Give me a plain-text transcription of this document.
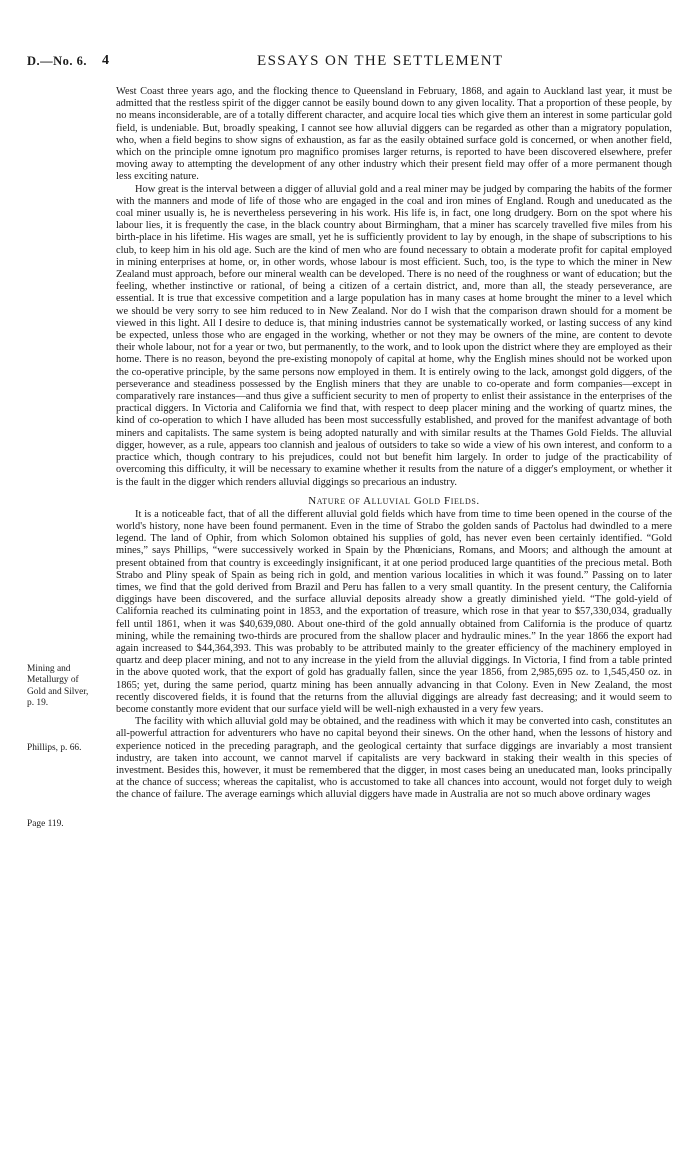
D.—No. 6. 4	ESSAYS ON THE SETTLEMENT
Mining and
Metallurgy of
Gold and Silver,
p. 19.
Phillips, p. 66.
Page 119.

West Coast three years ago, and the flocking thence to Queensland in February, 1868, and again to Auckland last year, it must be admitted that the restless spirit of the digger cannot be easily bound down to any given locality. That a proportion of these people, by no means inconsiderable, are of a totally different character, and acquire local ties which give them an interest in some particular gold field, is undeniable. But, broadly speaking, I cannot see how alluvial diggers can be regarded as other than a migratory population, who, when a field begins to show signs of exhaustion, as far as the easily obtained surface gold is concerned, or when another field, which on the principle omne ignotum pro magnifico promises larger returns, is reported to have been discovered elsewhere, prefer moving away to attempting the development of any other industry which their present field may offer of a more permanent though less exciting nature.

How great is the interval between a digger of alluvial gold and a real miner may be judged by comparing the habits of the former with the manners and mode of life of those who are engaged in the coal and iron mines of England. Rough and uneducated as the coal miner usually is, he is nevertheless persevering in his work. His life is, in fact, one long drudgery. Born on the spot where his labour lies, it is frequently the case, in the black country about Birmingham, that a miner has scarcely travelled five miles from his birth-place in his lifetime. His wages are small, yet he is sufficiently provident to lay by enough, in the shape of subscriptions to his club, to keep him in his old age. Such are the kind of men who are found necessary to obtain a moderate profit for capital employed in mining enterprises at home, or, in other words, whose labour is most efficient. Such, too, is the type to which the miner in New Zealand must approach, before our mineral wealth can be developed. There is no need of the roughness or want of education; but the feeling, whether instinctive or rational, of being a citizen of a certain district, and, more than all, the steady perseverance, are essential. It is true that excessive competition and a large population has in many cases at home brought the miner to a level which we should be very sorry to see him reduced to in New Zealand. Nor do I wish that the comparison drawn should for a moment be viewed in this light. All I desire to deduce is, that mining industries cannot be systematically worked, or lasting success of any kind be expected, unless those who are engaged in the working, whether or not they may be owners of the mine, are content to devote their whole labour, not for a year or two, but permanently, to the work, and to look upon the district where they are employed as their home. There is no reason, beyond the pre-existing monopoly of capital at home, why the English mines should not be worked upon the co-operative principle, by the same persons now employed in them. It is entirely owing to the lack, amongst gold diggers, of the perseverance and steadiness possessed by the English miners that they are unable to co-operate and form companies—except in comparatively rare instances—and thus give a sufficient security to men of property to enlist their assistance in the enterprises of the practical diggers. In Victoria and California we find that, with respect to deep placer mining and the working of quartz mines, the kind of co-operation to which I have alluded has been most successfully established, and proved for the manifest advantage of both miners and capitalists. The same system is being adopted naturally and with similar results at the Thames Gold Fields. The alluvial digger, however, as a rule, appears too clannish and jealous of outsiders to take so wide a view of his own interest, and conform to a practice which, though contrary to his prejudices, could not but benefit him largely. In order to judge of the practicability of overcoming this difficulty, it will be necessary to examine whether it results from the nature of a digger's employment, or whether it is the fault in the digger which renders alluvial diggings so precarious an industry.

Nature of Alluvial Gold Fields.

It is a noticeable fact, that of all the different alluvial gold fields which have from time to time been opened in the course of the world's history, none have been found permanent. Even in the time of Strabo the golden sands of Pactolus had dwindled to a mere legend. The land of Ophir, from which Solomon obtained his supplies of gold, has never even been certainly identified. “Gold mines,” says Phillips, “were successively worked in Spain by the Phœnicians, Romans, and Moors; and although the amount at present obtained from that country is exceedingly insignificant, it at one period produced large quantities of the precious metal. Both Strabo and Pliny speak of Spain as being rich in gold, and mention various localities in which it was found.” Passing on to later times, we find that the gold derived from Brazil and Peru has fallen to a very small quantity. In the present century, the California diggings have been discovered, and the surface alluvial deposits already show a greatly diminished yield. “The gold-yield of California reached its culminating point in 1853, and the exportation of treasure, which rose in that year to $57,330,034, gradually fell until 1861, when it was $40,639,080. About one-third of the gold annually obtained from California is the produce of quartz mining, while the remaining two-thirds are procured from the shallow placer and hydraulic mines.” In the year 1866 the export had again increased to $44,364,393. This was probably to be attributed mainly to the greater efficiency of the machinery employed in quartz and deep placer mining, and not to any increase in the yield from the alluvial diggings. In Victoria, I find from a table printed in the above quoted work, that the export of gold has gradually fallen, since the year 1856, from 2,985,695 oz. to 1,545,450 oz. in 1865; yet, during the same period, quartz mining has been annually advancing in that Colony. Even in New Zealand, the most recently discovered fields, it is found that the returns from the alluvial diggings are already fast decreasing; and it would seem to become constantly more evident that our surface yield will be well-nigh exhausted in a very few years.

The facility with which alluvial gold may be obtained, and the readiness with which it may be converted into cash, constitutes an all-powerful attraction for adventurers who have no capital beyond their sinews. On the other hand, when the lessons of history and experience noticed in the preceding paragraph, and the geological certainty that surface diggings are invariably a most transient industry, are taken into account, we cannot marvel if capitalists are very backward in staking their wealth in this species of investment. Besides this, however, it must be remembered that the digger, in most cases being an uneducated man, looks principally at the chance of success; whereas the capitalist, who is accustomed to take all chances into account, would not forget duly to weigh the chance of failure. The average earnings which alluvial diggers have made in Australia are not so much above ordinary wages
